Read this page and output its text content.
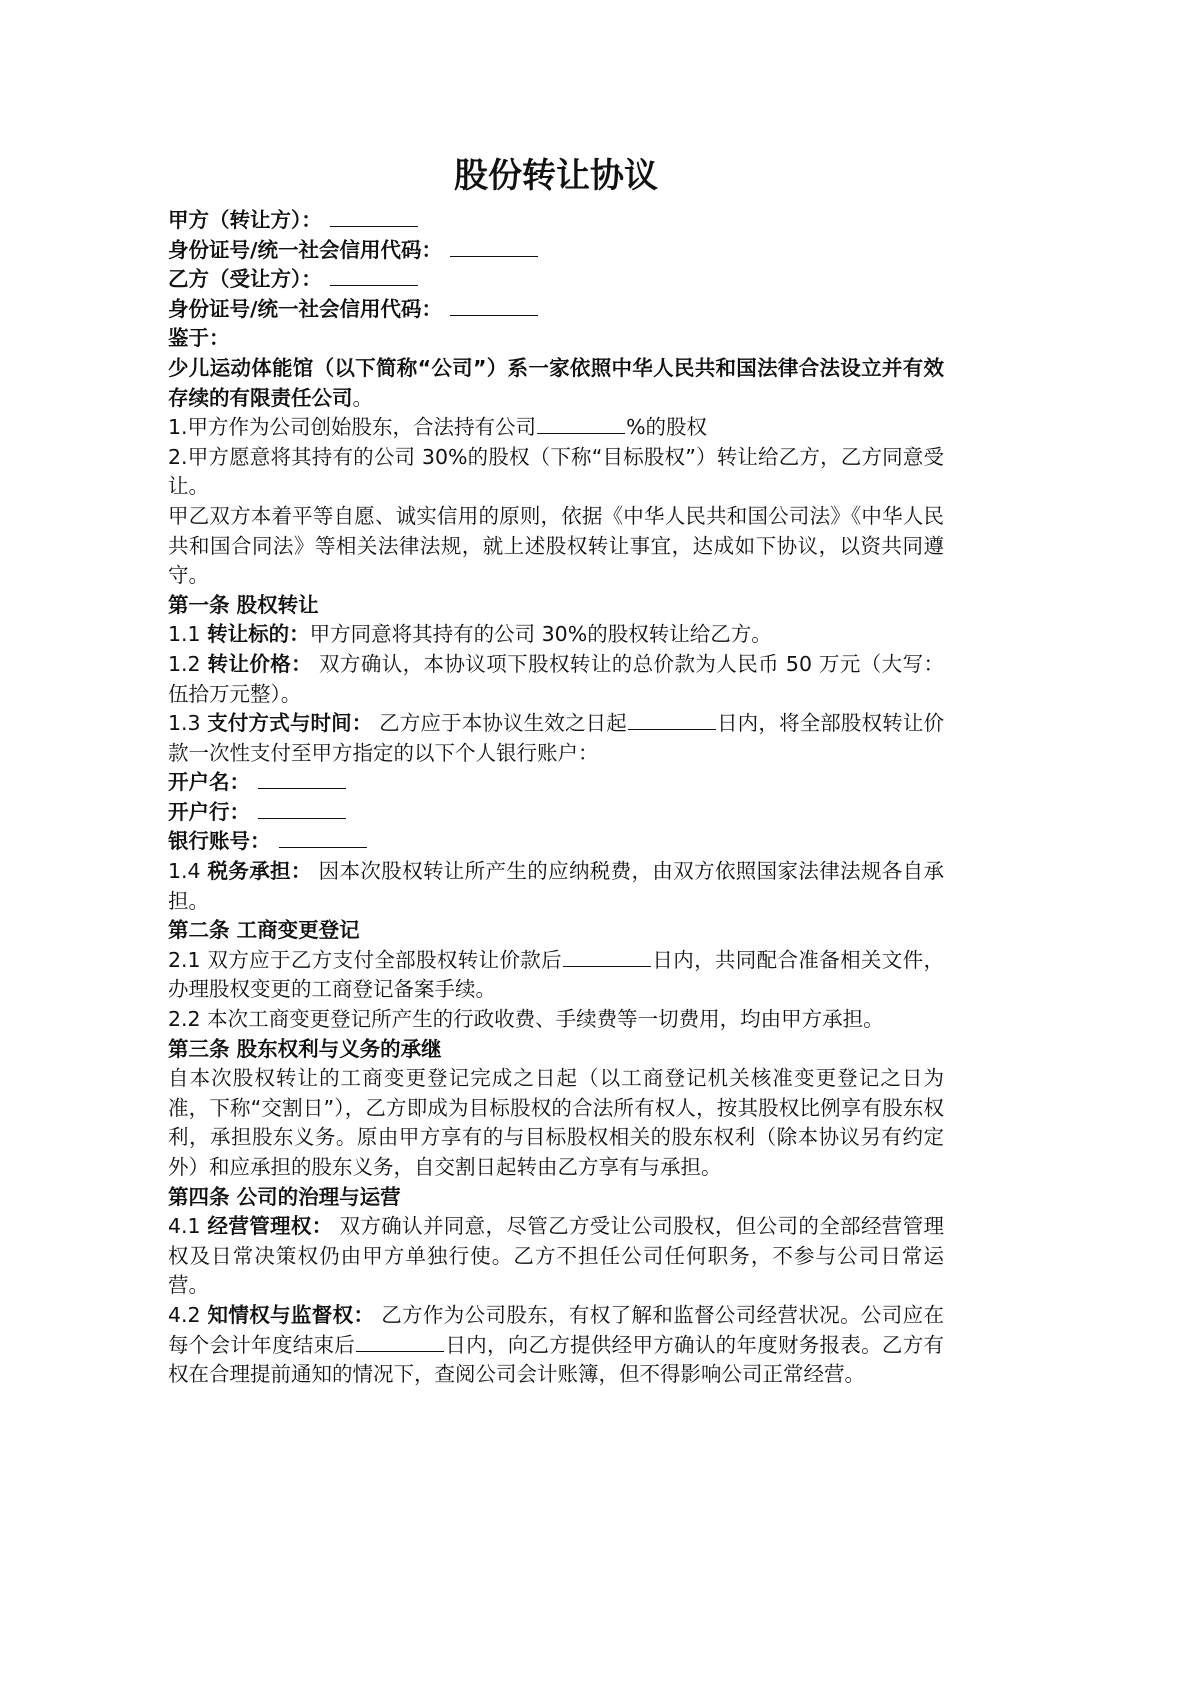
股份转让协议
甲方（转让方）：
身份证号/统一社会信用代码：
乙方（受让方）：
身份证号/统一社会信用代码：
鉴于：
少儿运动体能馆（以下简称“公司”）系一家依照中华人民共和国法律合法设立并有效存续的有限责任公司。
1.甲方作为公司创始股东，合法持有公司	%的股权
2.甲方愿意将其持有的公司 30%的股权（下称“目标股权”）转让给乙方，乙方同意受让。
甲乙双方本着平等自愿、诚实信用的原则，依据《中华人民共和国公司法》《中华人民共和国合同法》等相关法律法规，就上述股权转让事宜，达成如下协议，以资共同遵守。
第一条 股权转让
1.1 转让标的：甲方同意将其持有的公司 30%的股权转让给乙方。
1.2 转让价格： 双方确认，本协议项下股权转让的总价款为人民币 50 万元（大写：伍拾万元整）。
1.3 支付方式与时间： 乙方应于本协议生效之日起	日内，将全部股权转让价款一次性支付至甲方指定的以下个人银行账户：
开户名：
开户行：
银行账号：
1.4 税务承担： 因本次股权转让所产生的应纳税费，由双方依照国家法律法规各自承担。
第二条 工商变更登记
2.1 双方应于乙方支付全部股权转让价款后	日内，共同配合准备相关文件，办理股权变更的工商登记备案手续。
2.2 本次工商变更登记所产生的行政收费、手续费等一切费用，均由甲方承担。
第三条 股东权利与义务的承继
自本次股权转让的工商变更登记完成之日起（以工商登记机关核准变更登记之日为准，下称“交割日”），乙方即成为目标股权的合法所有权人，按其股权比例享有股东权利，承担股东义务。原由甲方享有的与目标股权相关的股东权利（除本协议另有约定外）和应承担的股东义务，自交割日起转由乙方享有与承担。
第四条 公司的治理与运营
4.1 经营管理权： 双方确认并同意，尽管乙方受让公司股权，但公司的全部经营管理权及日常决策权仍由甲方单独行使。乙方不担任公司任何职务，不参与公司日常运营。
4.2 知情权与监督权： 乙方作为公司股东，有权了解和监督公司经营状况。公司应在每个会计年度结束后	日内，向乙方提供经甲方确认的年度财务报表。乙方有权在合理提前通知的情况下，查阅公司会计账簿，但不得影响公司正常经营。
